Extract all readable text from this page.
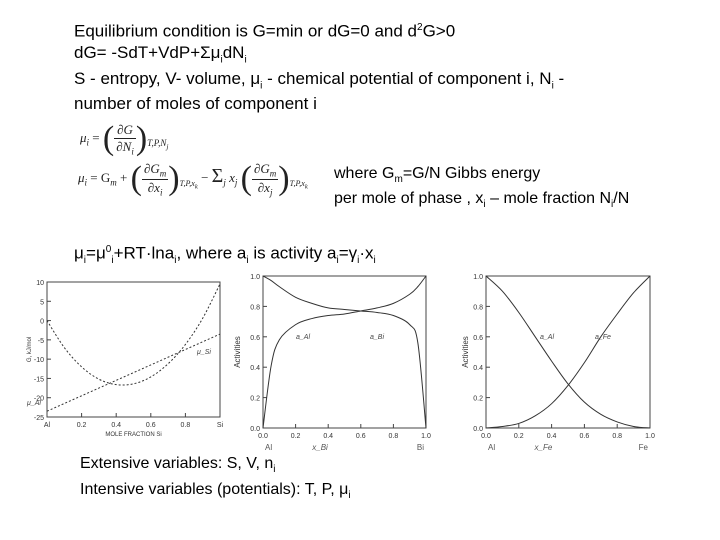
Equilibrium condition is G=min or dG=0 and $d^2G>0$
$dG= -SdT+VdP+\Sigma\mu_idN_i$
S - entropy, V- volume, $\mu_i$ - chemical potential of component i, $N_i$ -
number of moles of component i
$\mu_i$ = ( $\frac{\partial G}{\partial N_i} )_{T,P,N_j}$
$\mu_i = G_m$ + ( $\frac{\partial G_m}{\partial x_i} )_{T,P,x_k} - \Sigma_j$ $x_j$ ( $\frac{\partial G_m}{\partial x_j} )_{T,P,x_k}$
where $G_m=G/N$ Gibbs energy
per mole of phase , $x_i$ – mole fraction $N_i/N$
$\mu_i=\mu^0_i+RT\cdot\ln a_i$, where $a_i$ is activity $a_i=\gamma_i\cdot x_i$
Al	0.2	0.4	0.6	0.8	Si
10
5
0
-5
-10
-15
-20
-25
G, kJ/mol
MOLE FRACTION Si
μ_Si
μ_Al
0.0	0.2	0.4	0.6	0.8	1.0
0.0
0.2
0.4
0.6
0.8
1.0
Activities
Al	x_Bi	Bi
a_Al	a_Bi
0.0	0.2	0.4	0.6	0.8	1.0
0.0
0.2
0.4
0.6
0.8
1.0
Activities
Al	x_Fe	Fe
a_Al	a_Fe
Extensive variables: S, V, $n_i$
Intensive variables (potentials): T, P, $\mu_i$
